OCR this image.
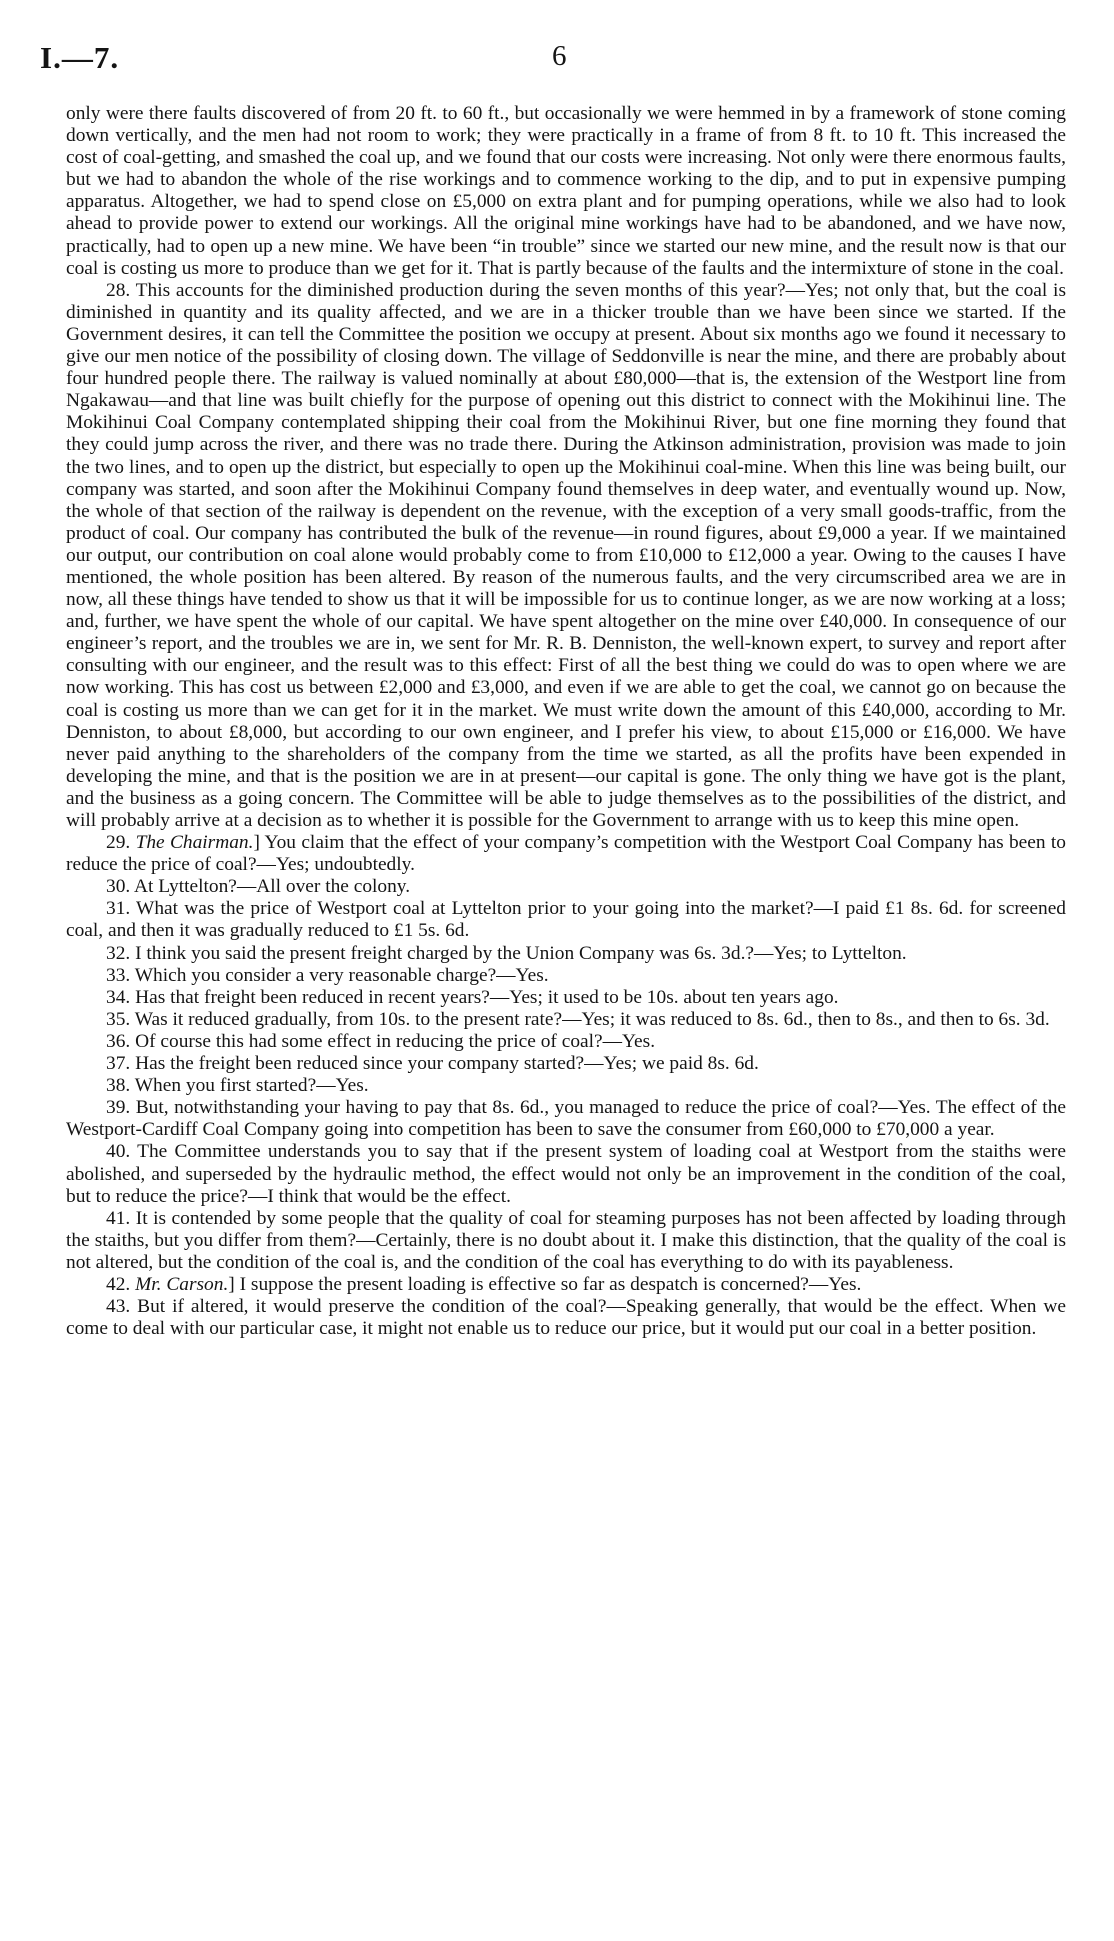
I.—7.	6

only were there faults discovered of from 20 ft. to 60 ft., but occasionally we were hemmed in by a framework of stone coming down vertically, and the men had not room to work; they were practically in a frame of from 8 ft. to 10 ft. This increased the cost of coal-getting, and smashed the coal up, and we found that our costs were increasing. Not only were there enormous faults, but we had to abandon the whole of the rise workings and to commence working to the dip, and to put in expensive pumping apparatus. Altogether, we had to spend close on £5,000 on extra plant and for pumping operations, while we also had to look ahead to provide power to extend our workings. All the original mine workings have had to be abandoned, and we have now, practically, had to open up a new mine. We have been “in trouble” since we started our new mine, and the result now is that our coal is costing us more to produce than we get for it. That is partly because of the faults and the intermixture of stone in the coal.

28. This accounts for the diminished production during the seven months of this year?—Yes; not only that, but the coal is diminished in quantity and its quality affected, and we are in a thicker trouble than we have been since we started. If the Government desires, it can tell the Committee the position we occupy at present. About six months ago we found it necessary to give our men notice of the possibility of closing down. The village of Seddonville is near the mine, and there are probably about four hundred people there. The railway is valued nominally at about £80,000—that is, the extension of the Westport line from Ngakawau—and that line was built chiefly for the purpose of opening out this district to connect with the Mokihinui line. The Mokihinui Coal Company contemplated shipping their coal from the Mokihinui River, but one fine morning they found that they could jump across the river, and there was no trade there. During the Atkinson administration, provision was made to join the two lines, and to open up the district, but especially to open up the Mokihinui coal-mine. When this line was being built, our company was started, and soon after the Mokihinui Company found themselves in deep water, and eventually wound up. Now, the whole of that section of the railway is dependent on the revenue, with the exception of a very small goods-traffic, from the product of coal. Our company has contributed the bulk of the revenue—in round figures, about £9,000 a year. If we maintained our output, our contribution on coal alone would probably come to from £10,000 to £12,000 a year. Owing to the causes I have mentioned, the whole position has been altered. By reason of the numerous faults, and the very circumscribed area we are in now, all these things have tended to show us that it will be impossible for us to continue longer, as we are now working at a loss; and, further, we have spent the whole of our capital. We have spent altogether on the mine over £40,000. In consequence of our engineer’s report, and the troubles we are in, we sent for Mr. R. B. Denniston, the well-known expert, to survey and report after consulting with our engineer, and the result was to this effect: First of all the best thing we could do was to open where we are now working. This has cost us between £2,000 and £3,000, and even if we are able to get the coal, we cannot go on because the coal is costing us more than we can get for it in the market. We must write down the amount of this £40,000, according to Mr. Denniston, to about £8,000, but according to our own engineer, and I prefer his view, to about £15,000 or £16,000. We have never paid anything to the shareholders of the company from the time we started, as all the profits have been expended in developing the mine, and that is the position we are in at present—our capital is gone. The only thing we have got is the plant, and the business as a going concern. The Committee will be able to judge themselves as to the possibilities of the district, and will probably arrive at a decision as to whether it is possible for the Government to arrange with us to keep this mine open.

29. The Chairman.] You claim that the effect of your company’s competition with the Westport Coal Company has been to reduce the price of coal?—Yes; undoubtedly.

30. At Lyttelton?—All over the colony.

31. What was the price of Westport coal at Lyttelton prior to your going into the market?—I paid £1 8s. 6d. for screened coal, and then it was gradually reduced to £1 5s. 6d.

32. I think you said the present freight charged by the Union Company was 6s. 3d.?—Yes; to Lyttelton.

33. Which you consider a very reasonable charge?—Yes.

34. Has that freight been reduced in recent years?—Yes; it used to be 10s. about ten years ago.

35. Was it reduced gradually, from 10s. to the present rate?—Yes; it was reduced to 8s. 6d., then to 8s., and then to 6s. 3d.

36. Of course this had some effect in reducing the price of coal?—Yes.

37. Has the freight been reduced since your company started?—Yes; we paid 8s. 6d.

38. When you first started?—Yes.

39. But, notwithstanding your having to pay that 8s. 6d., you managed to reduce the price of coal?—Yes. The effect of the Westport-Cardiff Coal Company going into competition has been to save the consumer from £60,000 to £70,000 a year.

40. The Committee understands you to say that if the present system of loading coal at Westport from the staiths were abolished, and superseded by the hydraulic method, the effect would not only be an improvement in the condition of the coal, but to reduce the price?—I think that would be the effect.

41. It is contended by some people that the quality of coal for steaming purposes has not been affected by loading through the staiths, but you differ from them?—Certainly, there is no doubt about it. I make this distinction, that the quality of the coal is not altered, but the condition of the coal is, and the condition of the coal has everything to do with its payableness.

42. Mr. Carson.] I suppose the present loading is effective so far as despatch is concerned?—Yes.

43. But if altered, it would preserve the condition of the coal?—Speaking generally, that would be the effect. When we come to deal with our particular case, it might not enable us to reduce our price, but it would put our coal in a better position.
